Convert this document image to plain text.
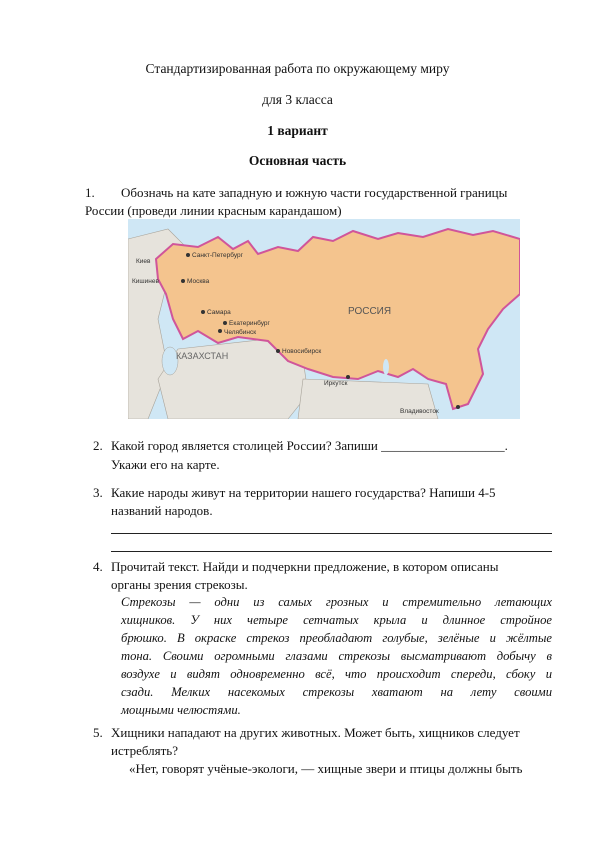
Стандартизированная работа по окружающему миру
для 3 класса
1 вариант
Основная часть
1. Обозначь на кате западную и южную части государственной границы
России (проведи линии красным карандашом)
РОССИЯ
КАЗАХСТАН
Санкт-Петербург
Москва
Самара
Екатеринбург
Челябинск
Новосибирск
Иркутск
Владивосток
Киев
Кишинев
2. Какой город является столицей России? Запиши ___________________.
Укажи его на карте.
3. Какие народы живут на территории нашего государства? Напиши 4-5
названий народов.
4. Прочитай текст. Найди и подчеркни предложение, в котором описаны
органы зрения стрекозы.
Стрекозы — одни из самых грозных и стремительно летающих
хищников. У них четыре сетчатых крыла и длинное стройное
брюшко. В окраске стрекоз преобладают голубые, зелёные и жёлтые
тона. Своими огромными глазами стрекозы высматривают добычу в
воздухе и видят одновременно всё, что происходит спереди, сбоку и
сзади. Мелких насекомых стрекозы хватают на лету своими
мощными челюстями.
5. Хищники нападают на других животных. Может быть, хищников следует
истреблять?
«Нет, говорят учёные-экологи, — хищные звери и птицы должны быть
